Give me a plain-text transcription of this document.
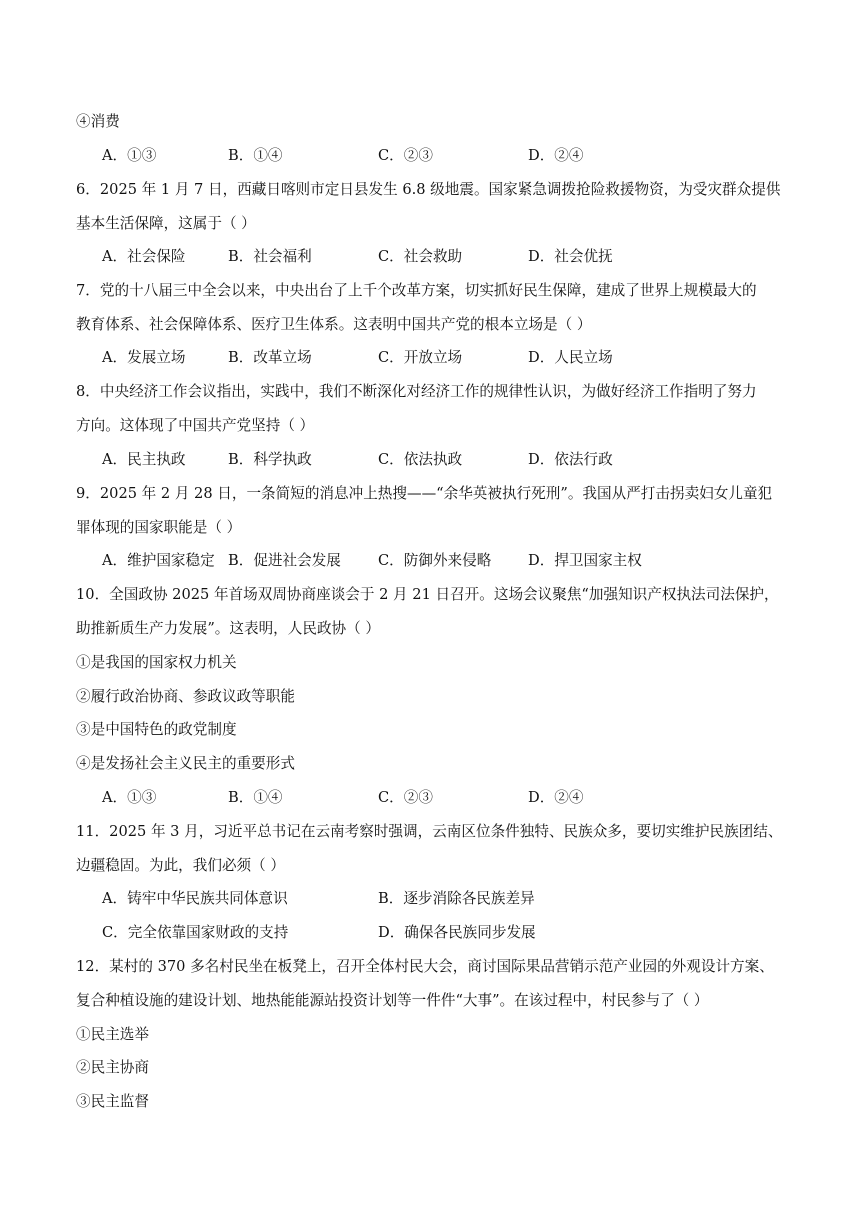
④消费
A．①③	B．①④	C．②③	D．②④
6．2025 年 1 月 7 日，西藏日喀则市定日县发生 6.8 级地震。国家紧急调拨抢险救援物资，为受灾群众提供
基本生活保障，这属于（ ）
A．社会保险	B．社会福利	C．社会救助	D．社会优抚
7．党的十八届三中全会以来，中央出台了上千个改革方案，切实抓好民生保障，建成了世界上规模最大的
教育体系、社会保障体系、医疗卫生体系。这表明中国共产党的根本立场是（ ）
A．发展立场	B．改革立场	C．开放立场	D．人民立场
8．中央经济工作会议指出，实践中，我们不断深化对经济工作的规律性认识，为做好经济工作指明了努力
方向。这体现了中国共产党坚持（ ）
A．民主执政	B．科学执政	C．依法执政	D．依法行政
9．2025 年 2 月 28 日，一条简短的消息冲上热搜——“余华英被执行死刑”。我国从严打击拐卖妇女儿童犯
罪体现的国家职能是（ ）
A．维护国家稳定 B．促进社会发展	C．防御外来侵略	D．捍卫国家主权
10．全国政协 2025 年首场双周协商座谈会于 2 月 21 日召开。这场会议聚焦“加强知识产权执法司法保护，
助推新质生产力发展”。这表明，人民政协（ ）
①是我国的国家权力机关
②履行政治协商、参政议政等职能
③是中国特色的政党制度
④是发扬社会主义民主的重要形式
A．①③	B．①④	C．②③	D．②④
11．2025 年 3 月，习近平总书记在云南考察时强调，云南区位条件独特、民族众多，要切实维护民族团结、
边疆稳固。为此，我们必须（ ）
A．铸牢中华民族共同体意识	B．逐步消除各民族差异
C．完全依靠国家财政的支持	D．确保各民族同步发展
12．某村的 370 多名村民坐在板凳上，召开全体村民大会，商讨国际果品营销示范产业园的外观设计方案、
复合种植设施的建设计划、地热能能源站投资计划等一件件“大事”。在该过程中，村民参与了（ ）
①民主选举
②民主协商
③民主监督
